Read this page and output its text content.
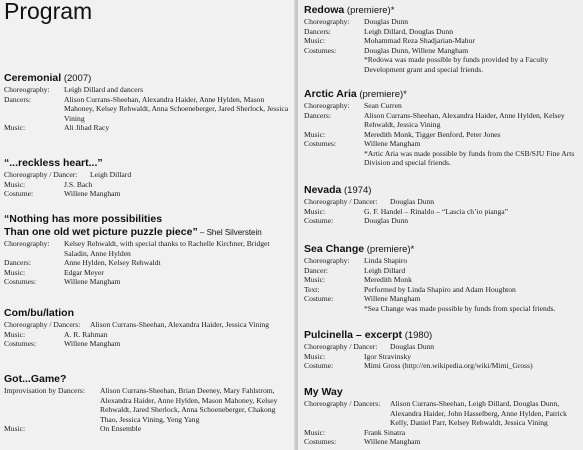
Program
Ceremonial (2007)
Choreography:	Leigh Dillard and dancers
Dancers:	Alison Currans-Sheehan, Alexandra Haider, Anne Hylden, Mason Mahoney, Kelsey Rehwaldt, Anna Schoeneberger, Jared Sherlock, Jessica Vining
Music:	Ali Jihad Racy
“...reckless heart...”
Choreography / Dancer:	Leigh Dillard
Music:	J.S. Bach
Costume:	Willene Mangham
“Nothing has more possibilities
Than one old wet picture puzzle piece” – Shel Silverstein
Choreography:	Kelsey Rehwaldt, with special thanks to Rachelle Kirchner, Bridget Saladin, Anne Hylden
Dancers:	Anne Hylden, Kelsey Rehwaldt
Music:	Edgar Meyer
Costumes:	Willene Mangham
Com/bu/lation
Choreography / Dancers:	Alison Currans-Sheehan, Alexandra Haider, Jessica Vining
Music:	A. R. Rahman
Costumes:	Willene Mangham
Got...Game?
Improvisation by Dancers:	Alison Currans-Sheehan, Brian Deeney, Mary Fahlstrom, Alexandra Haider, Anne Hylden, Mason Mahoney, Kelsey Rehwaldt, Jared Sherlock, Anna Schoeneberger, Chakong Thao, Jessica Vining, Yeng Yang
Music:	On Ensemble
Redowa (premiere)*
Choreography:	Douglas Dunn
Dancers:	Leigh Dillard, Douglas Dunn
Music:	Mohammad Reza Shadjarian-Mahur
Costumes:	Douglas Dunn, Willene Mangham
*Redowa was made possible by funds provided by a Faculty Development grant and special friends.
Arctic Aria (premiere)*
Choreography:	Sean Curren
Dancers:	Alison Currans-Sheehan, Alexandra Haider, Anne Hylden, Kelsey Rehwaldt, Jessica Vining
Music:	Meredith Monk, Tigger Benford, Peter Jones
Costumes:	Willene Mangham
*Artic Aria was made possible by funds from the CSB/SJU Fine Arts Division and special friends.
Nevada (1974)
Choreography / Dancer:	Douglas Dunn
Music:	G. F. Handel – Rinaldo – “Lascia ch’io pianga”
Costume:	Douglas Dunn
Sea Change (premiere)*
Choreography:	Linda Shapiro
Dancer:	Leigh Dillard
Music:	Meredith Monk
Text:	Performed by Linda Shapiro and Adam Houghton
Costume:	Willene Mangham
*Sea Change was made possible by funds from special friends.
Pulcinella – excerpt (1980)
Choreography / Dancer:	Douglas Dunn
Music:	Igor Stravinsky
Costume:	Mimi Gross (http://en.wikipedia.org/wiki/Mimi_Gross)
My Way
Choreography / Dancers:	Alison Currans-Sheehan, Leigh Dillard, Douglas Dunn, Alexandra Haider, John Hasselberg, Anne Hylden, Patrick Kelly, Daniel Parr, Kelsey Rehwaldt, Jessica Vining
Music:	Frank Sinatra
Costumes:	Willene Mangham
